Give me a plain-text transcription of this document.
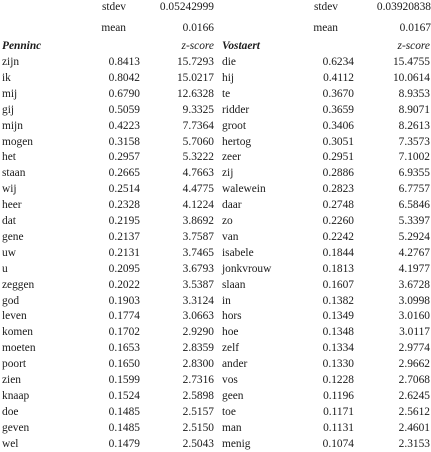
stdev	0.05242999
mean	0.0166
Penninc	z-score
zijn	0.8413	15.7293
ik	0.8042	15.0217
mij	0.6790	12.6328
gij	0.5059	9.3325
mijn	0.4223	7.7364
mogen	0.3158	5.7060
het	0.2957	5.3222
staan	0.2665	4.7663
wij	0.2514	4.4775
heer	0.2328	4.1224
dat	0.2195	3.8692
gene	0.2137	3.7587
uw	0.2131	3.7465
u	0.2095	3.6793
zeggen	0.2022	3.5387
god	0.1903	3.3124
leven	0.1774	3.0663
komen	0.1702	2.9290
moeten	0.1653	2.8359
poort	0.1650	2.8300
zien	0.1599	2.7316
knaap	0.1524	2.5898
doe	0.1485	2.5157
geven	0.1485	2.5150
wel	0.1479	2.5043
stdev	0.03920838
mean	0.0167
Vostaert	z-score
die	0.6234	15.4755
hij	0.4112	10.0614
te	0.3670	8.9353
ridder	0.3659	8.9071
groot	0.3406	8.2613
hertog	0.3051	7.3573
zeer	0.2951	7.1002
zij	0.2886	6.9355
walewein	0.2823	6.7757
daar	0.2748	6.5846
zo	0.2260	5.3397
van	0.2242	5.2924
isabele	0.1844	4.2767
jonkvrouw	0.1813	4.1977
slaan	0.1607	3.6728
in	0.1382	3.0998
hors	0.1349	3.0160
hoe	0.1348	3.0117
zelf	0.1334	2.9774
ander	0.1330	2.9662
vos	0.1228	2.7068
geen	0.1196	2.6245
toe	0.1171	2.5612
man	0.1131	2.4601
menig	0.1074	2.3153
